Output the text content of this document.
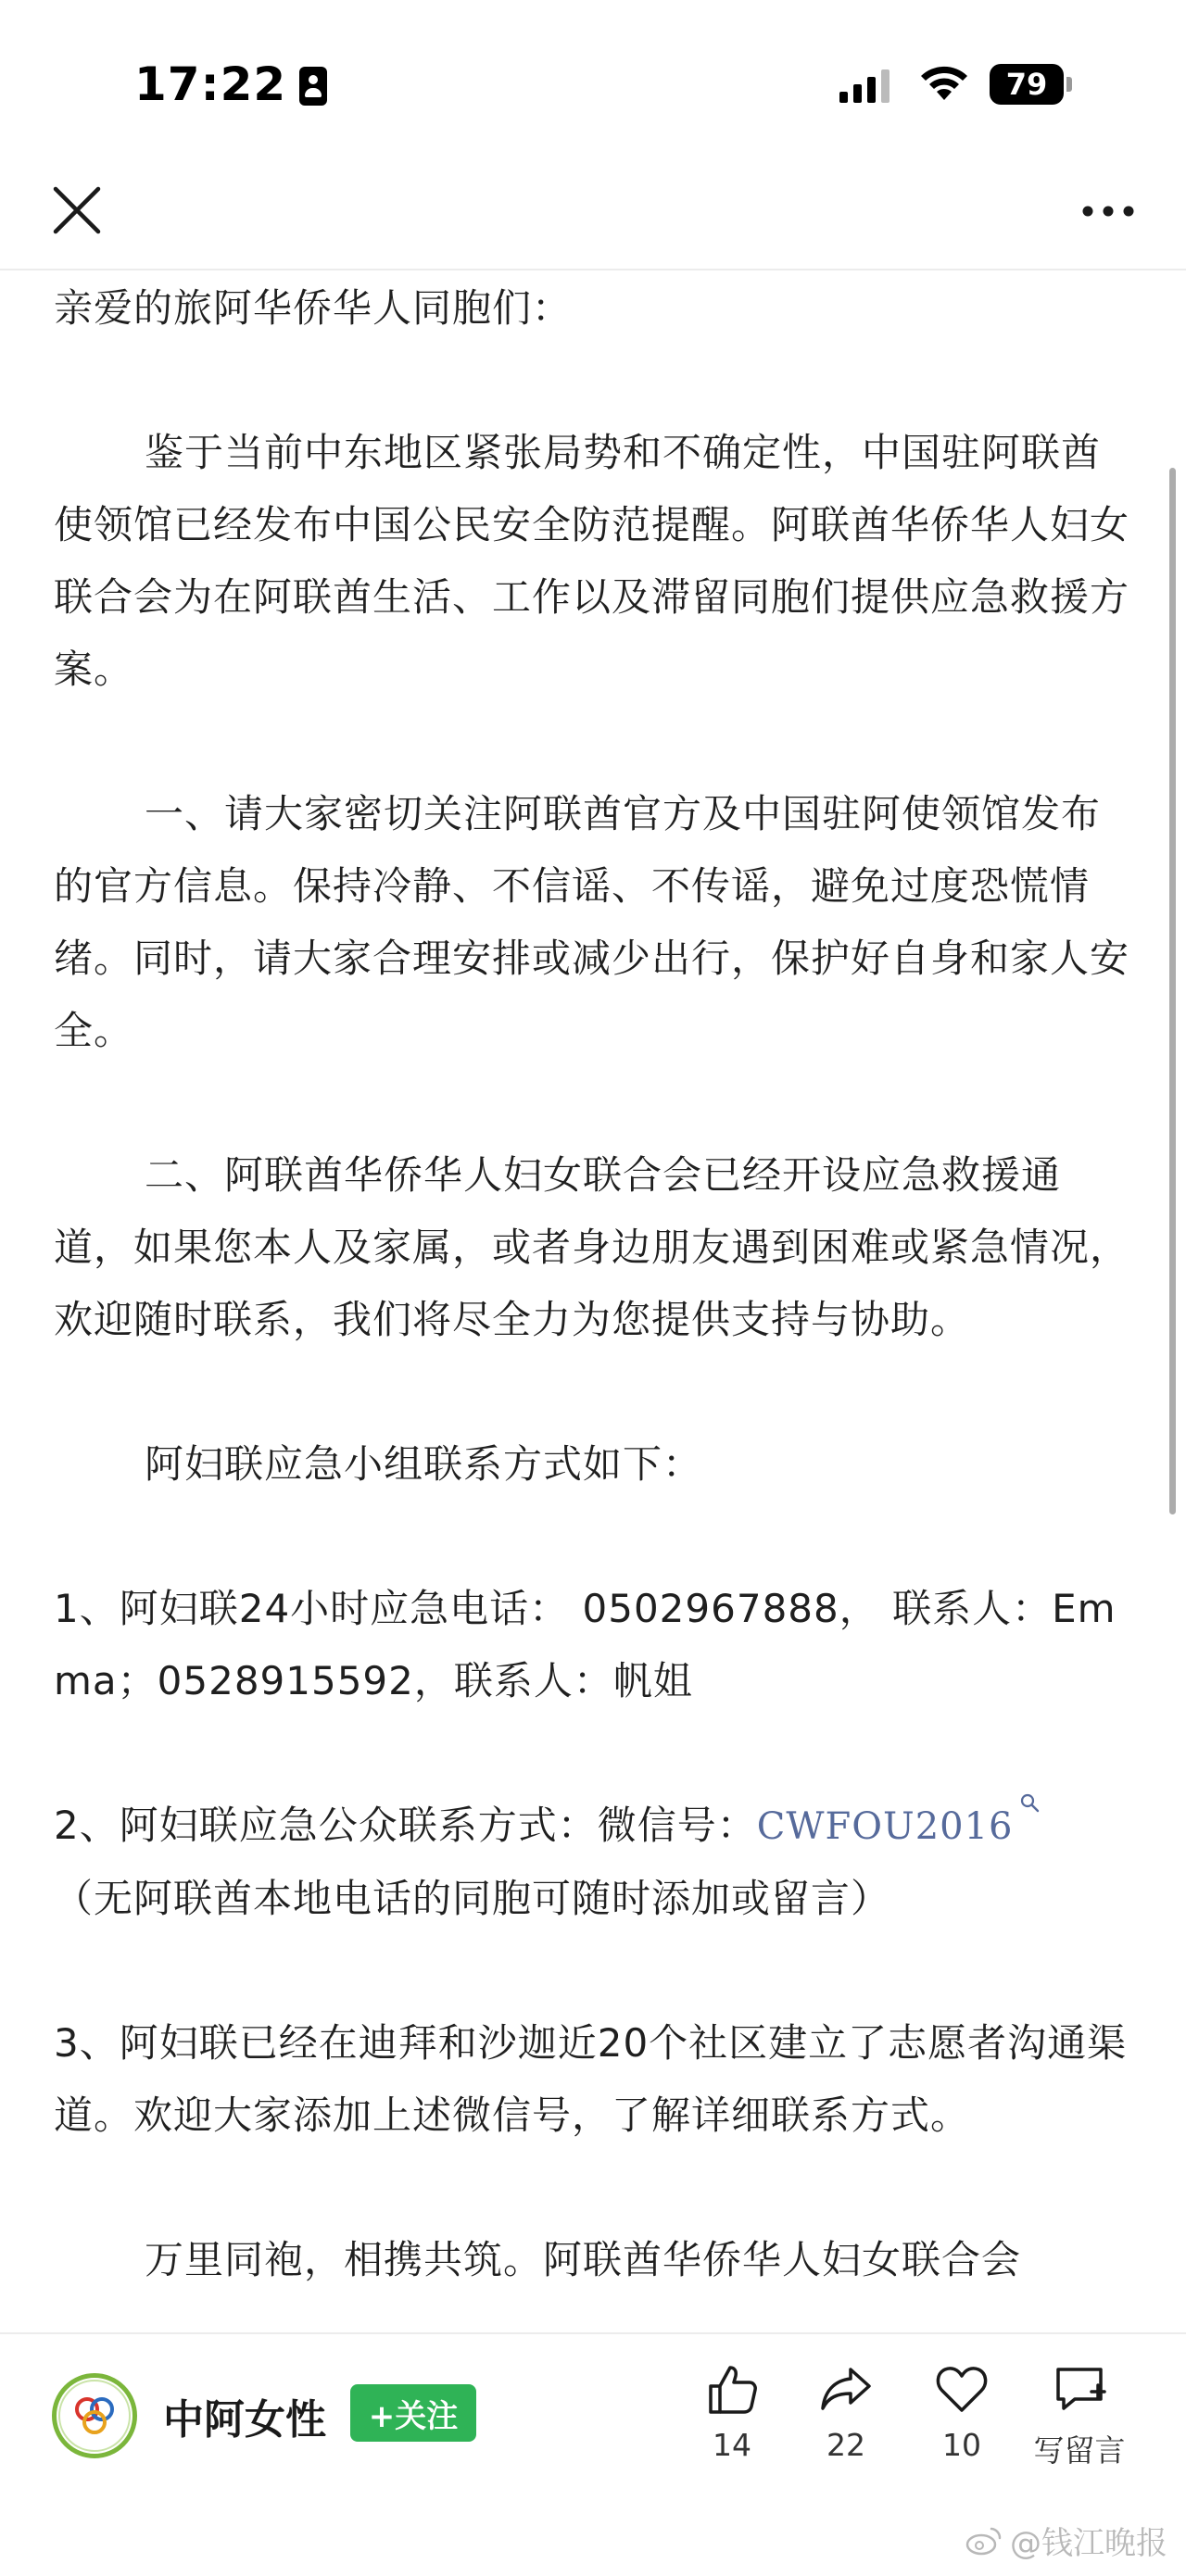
17:22	79

亲爱的旅阿华侨华人同胞们：

鉴于当前中东地区紧张局势和不确定性，中国驻阿联酋使领馆已经发布中国公民安全防范提醒。阿联酋华侨华人妇女联合会为在阿联酋生活、工作以及滞留同胞们提供应急救援方案。

一、请大家密切关注阿联酋官方及中国驻阿使领馆发布的官方信息。保持冷静、不信谣、不传谣，避免过度恐慌情绪。同时，请大家合理安排或减少出行，保护好自身和家人安全。

二、阿联酋华侨华人妇女联合会已经开设应急救援通道，如果您本人及家属，或者身边朋友遇到困难或紧急情况，欢迎随时联系，我们将尽全力为您提供支持与协助。

阿妇联应急小组联系方式如下：

1、阿妇联24小时应急电话： 0502967888， 联系人：Emma；0528915592，联系人：帆姐

2、阿妇联应急公众联系方式：微信号：CWFOU2016

（无阿联酋本地电话的同胞可随时添加或留言）

3、阿妇联已经在迪拜和沙迦近20个社区建立了志愿者沟通渠道。欢迎大家添加上述微信号，了解详细联系方式。

万里同袍，相携共筑。阿联酋华侨华人妇女联合会

中阿女性	+关注
14 22	10 写留言
@钱江晚报
